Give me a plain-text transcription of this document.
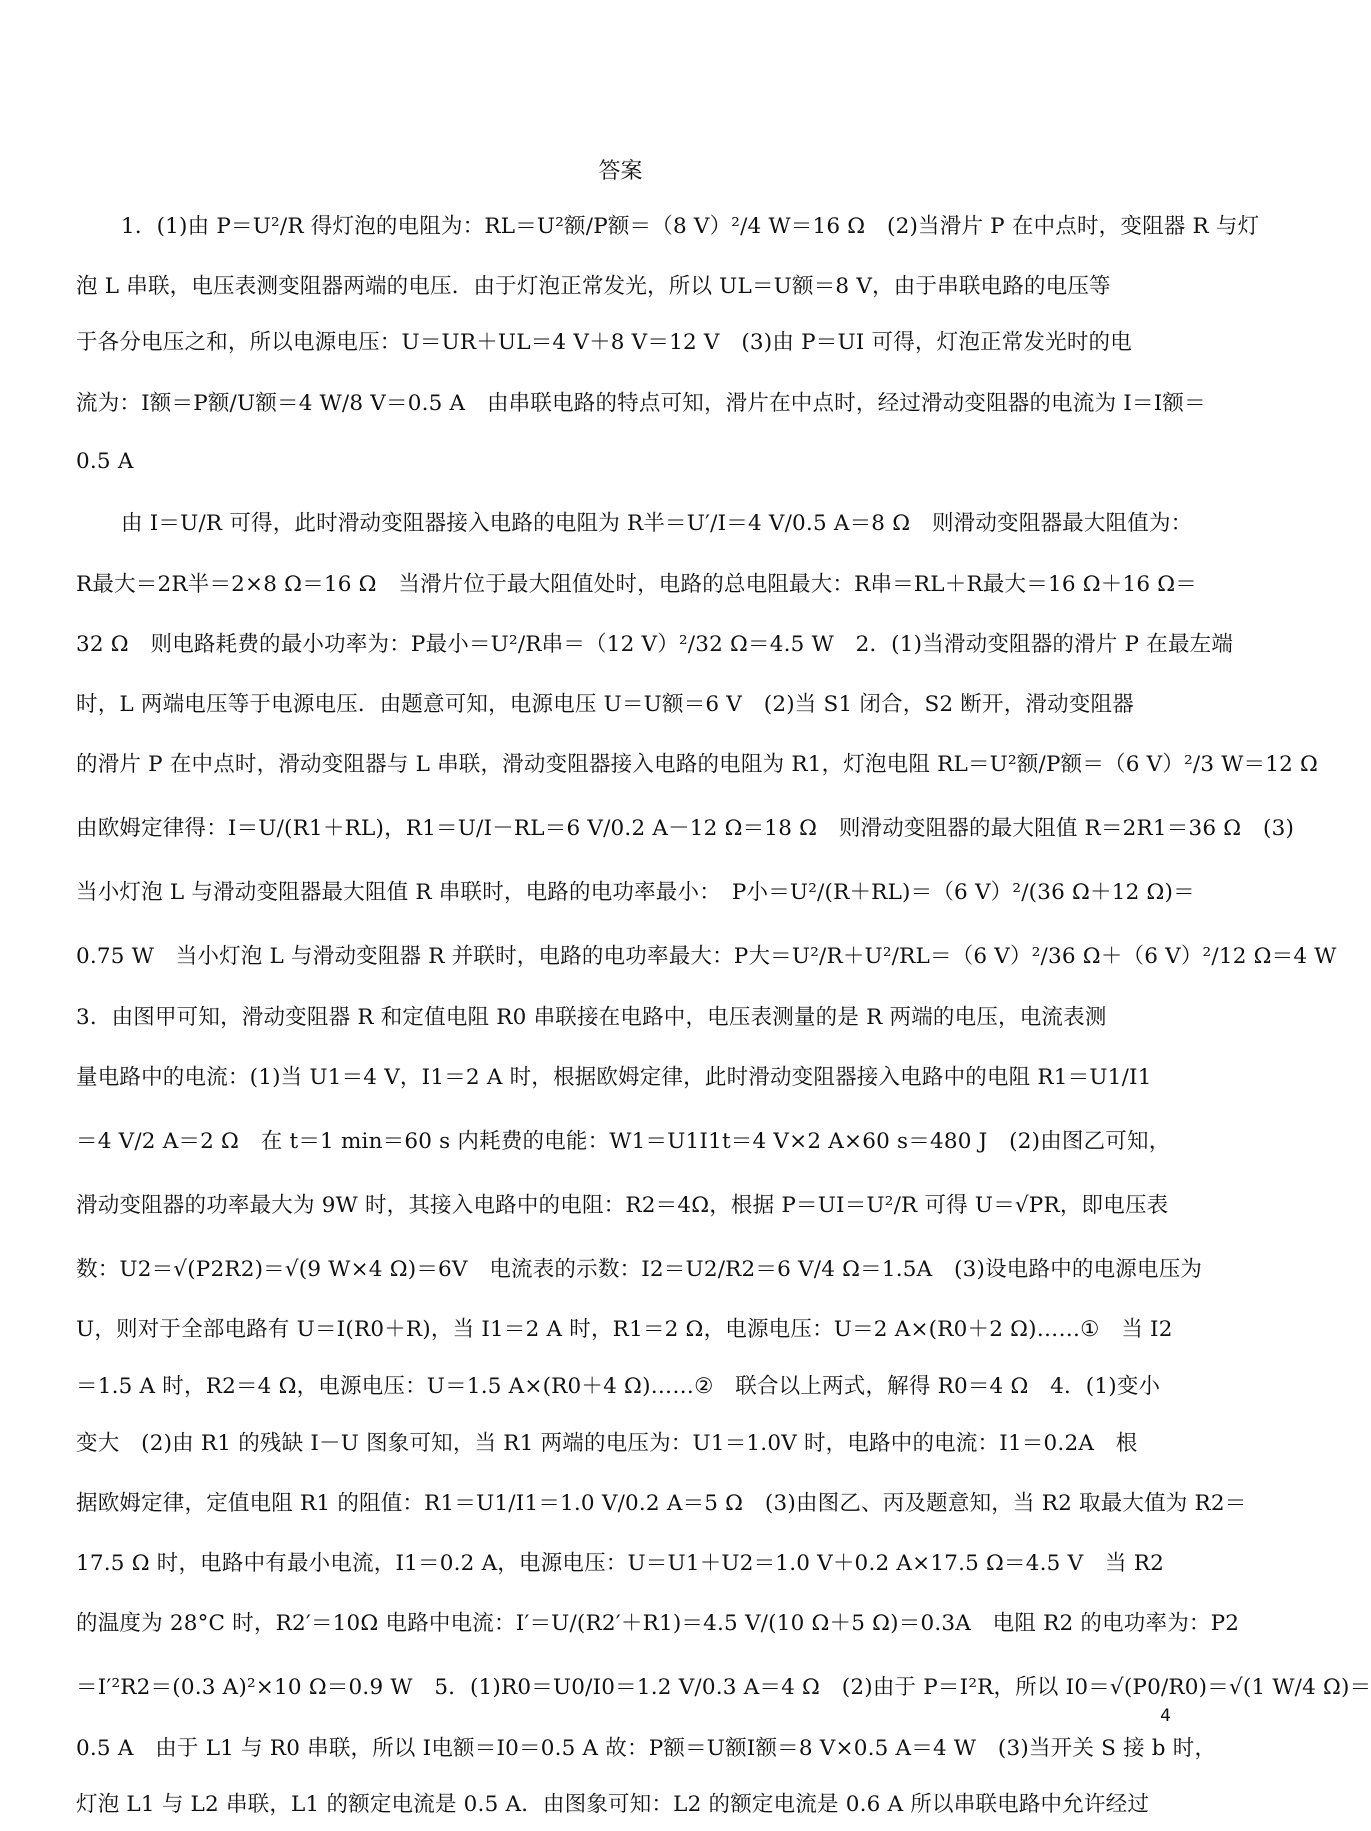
答案
1．(1)由 P＝U²/R 得灯泡的电阻为：RL＝U²额/P额＝（8 V）²/4 W＝16 Ω　(2)当滑片 P 在中点时，变阻器 R 与灯
泡 L 串联，电压表测变阻器两端的电压．由于灯泡正常发光，所以 UL＝U额＝8 V，由于串联电路的电压等
于各分电压之和，所以电源电压：U＝UR＋UL＝4 V＋8 V＝12 V　(3)由 P＝UI 可得，灯泡正常发光时的电
流为：I额＝P额/U额＝4 W/8 V＝0.5 A　由串联电路的特点可知，滑片在中点时，经过滑动变阻器的电流为 I＝I额＝
0.5 A
由 I＝U/R 可得，此时滑动变阻器接入电路的电阻为 R半＝U′/I＝4 V/0.5 A＝8 Ω　则滑动变阻器最大阻值为：
R最大＝2R半＝2×8 Ω＝16 Ω　当滑片位于最大阻值处时，电路的总电阻最大：R串＝RL＋R最大＝16 Ω＋16 Ω＝
32 Ω　则电路耗费的最小功率为：P最小＝U²/R串＝（12 V）²/32 Ω＝4.5 W　2．(1)当滑动变阻器的滑片 P 在最左端
时，L 两端电压等于电源电压．由题意可知，电源电压 U＝U额＝6 V　(2)当 S1 闭合，S2 断开，滑动变阻器
的滑片 P 在中点时，滑动变阻器与 L 串联，滑动变阻器接入电路的电阻为 R1，灯泡电阻 RL＝U²额/P额＝（6 V）²/3 W＝12 Ω
由欧姆定律得：I＝U/(R1＋RL)，R1＝U/I－RL＝6 V/0.2 A－12 Ω＝18 Ω　则滑动变阻器的最大阻值 R＝2R1＝36 Ω　(3)
当小灯泡 L 与滑动变阻器最大阻值 R 串联时，电路的电功率最小：　P小＝U²/(R＋RL)＝（6 V）²/(36 Ω＋12 Ω)＝
0.75 W　当小灯泡 L 与滑动变阻器 R 并联时，电路的电功率最大：P大＝U²/R＋U²/RL＝（6 V）²/36 Ω＋（6 V）²/12 Ω＝4 W
3．由图甲可知，滑动变阻器 R 和定值电阻 R0 串联接在电路中，电压表测量的是 R 两端的电压，电流表测
量电路中的电流：(1)当 U1＝4 V，I1＝2 A 时，根据欧姆定律，此时滑动变阻器接入电路中的电阻 R1＝U1/I1
＝4 V/2 A＝2 Ω　在 t＝1 min＝60 s 内耗费的电能：W1＝U1I1t＝4 V×2 A×60 s＝480 J　(2)由图乙可知，
滑动变阻器的功率最大为 9W 时，其接入电路中的电阻：R2＝4Ω，根据 P＝UI＝U²/R 可得 U＝√PR，即电压表
数：U2＝√(P2R2)＝√(9 W×4 Ω)＝6V　电流表的示数：I2＝U2/R2＝6 V/4 Ω＝1.5A　(3)设电路中的电源电压为
U，则对于全部电路有 U＝I(R0＋R)，当 I1＝2 A 时，R1＝2 Ω，电源电压：U＝2 A×(R0＋2 Ω)……①　当 I2
＝1.5 A 时，R2＝4 Ω，电源电压：U＝1.5 A×(R0＋4 Ω)……②　联合以上两式，解得 R0＝4 Ω　4．(1)变小
变大　(2)由 R1 的残缺 I－U 图象可知，当 R1 两端的电压为：U1＝1.0V 时，电路中的电流：I1＝0.2A　根
据欧姆定律，定值电阻 R1 的阻值：R1＝U1/I1＝1.0 V/0.2 A＝5 Ω　(3)由图乙、丙及题意知，当 R2 取最大值为 R2＝
17.5 Ω 时，电路中有最小电流，I1＝0.2 A，电源电压：U＝U1＋U2＝1.0 V＋0.2 A×17.5 Ω＝4.5 V　当 R2
的温度为 28°C 时，R2′＝10Ω 电路中电流：I′＝U/(R2′＋R1)＝4.5 V/(10 Ω＋5 Ω)＝0.3A　电阻 R2 的电功率为：P2
＝I′²R2＝(0.3 A)²×10 Ω＝0.9 W　5．(1)R0＝U0/I0＝1.2 V/0.3 A＝4 Ω　(2)由于 P＝I²R，所以 I0＝√(P0/R0)＝√(1 W/4 Ω)＝
0.5 A　由于 L1 与 R0 串联，所以 I电额＝I0＝0.5 A 故：P额＝U额I额＝8 V×0.5 A＝4 W　(3)当开关 S 接 b 时，
灯泡 L1 与 L2 串联，L1 的额定电流是 0.5 A．由图象可知：L2 的额定电流是 0.6 A 所以串联电路中允许经过
4
